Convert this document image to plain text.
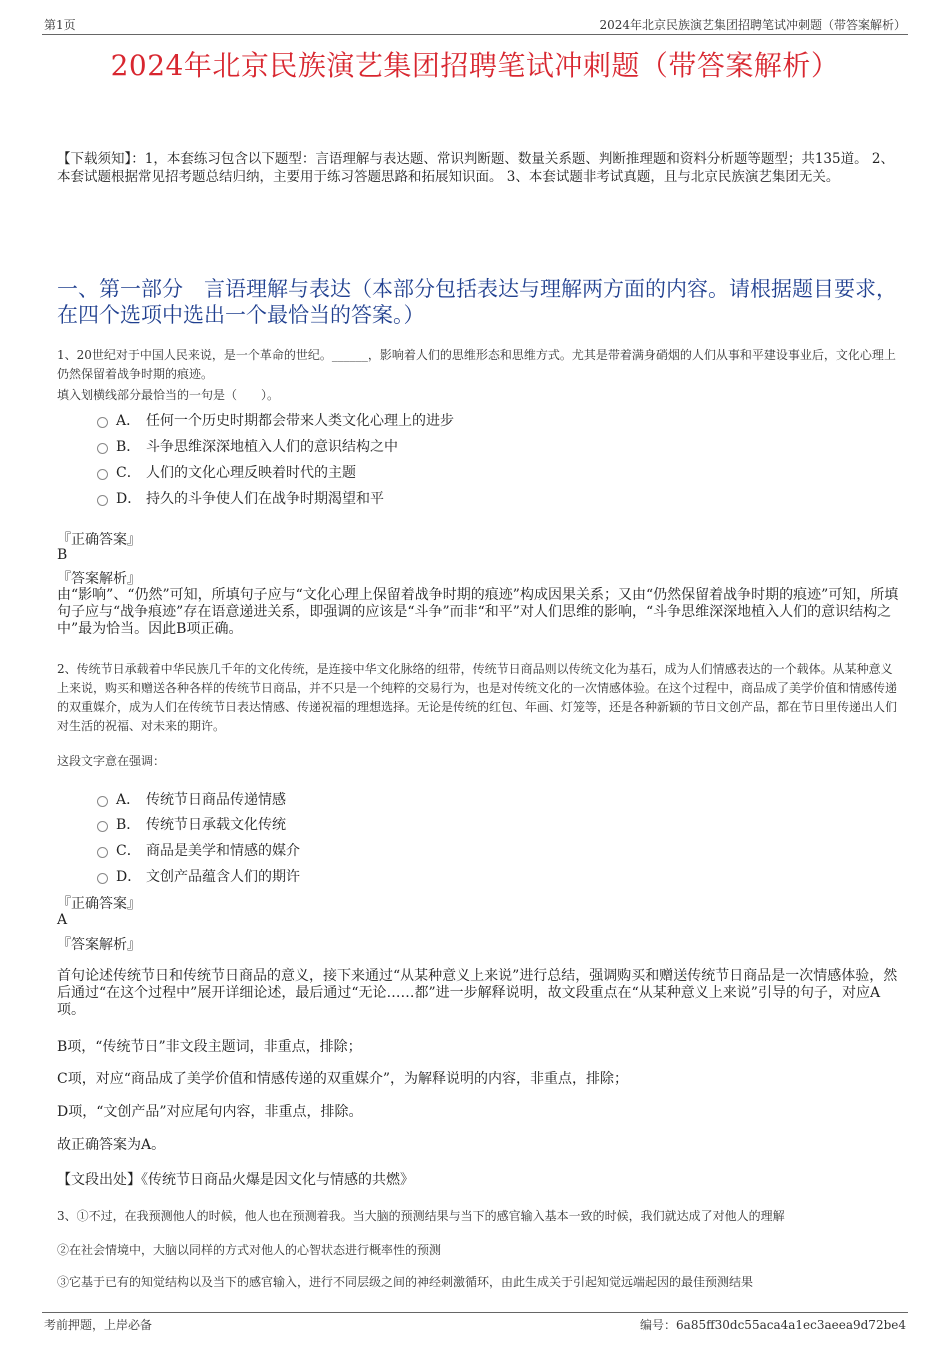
第1页	2024年北京民族演艺集团招聘笔试冲刺题（带答案解析）
2024年北京民族演艺集团招聘笔试冲刺题（带答案解析）
【下载须知】：1，本套练习包含以下题型：言语理解与表达题、常识判断题、数量关系题、判断推理题和资料分析题等题型；共135道。 2、本套试题根据常见招考题总结归纳，主要用于练习答题思路和拓展知识面。 3、本套试题非考试真题，且与北京民族演艺集团无关。
一、第一部分　言语理解与表达（本部分包括表达与理解两方面的内容。请根据题目要求，在四个选项中选出一个最恰当的答案。）
1、20世纪对于中国人民来说，是一个革命的世纪。______，影响着人们的思维形态和思维方式。尤其是带着满身硝烟的人们从事和平建设事业后，文化心理上仍然保留着战争时期的痕迹。
填入划横线部分最恰当的一句是（　　）。
A． 任何一个历史时期都会带来人类文化心理上的进步
B． 斗争思维深深地植入人们的意识结构之中
C． 人们的文化心理反映着时代的主题
D． 持久的斗争使人们在战争时期渴望和平
『正确答案』
B
『答案解析』
由“影响”、“仍然”可知，所填句子应与“文化心理上保留着战争时期的痕迹”构成因果关系；又由“仍然保留着战争时期的痕迹”可知，所填句子应与“战争痕迹”存在语意递进关系，即强调的应该是“斗争”而非“和平”对人们思维的影响，“斗争思维深深地植入人们的意识结构之中”最为恰当。因此B项正确。
2、传统节日承载着中华民族几千年的文化传统，是连接中华文化脉络的纽带，传统节日商品则以传统文化为基石，成为人们情感表达的一个载体。从某种意义上来说，购买和赠送各种各样的传统节日商品，并不只是一个纯粹的交易行为，也是对传统文化的一次情感体验。在这个过程中，商品成了美学价值和情感传递的双重媒介，成为人们在传统节日表达情感、传递祝福的理想选择。无论是传统的红包、年画、灯笼等，还是各种新颖的节日文创产品，都在节日里传递出人们对生活的祝福、对未来的期许。
这段文字意在强调：
A． 传统节日商品传递情感
B． 传统节日承载文化传统
C． 商品是美学和情感的媒介
D． 文创产品蕴含人们的期许
『正确答案』
A
『答案解析』
首句论述传统节日和传统节日商品的意义，接下来通过“从某种意义上来说”进行总结，强调购买和赠送传统节日商品是一次情感体验，然后通过“在这个过程中”展开详细论述，最后通过“无论……都”进一步解释说明，故文段重点在“从某种意义上来说”引导的句子，对应A项。
B项，“传统节日”非文段主题词，非重点，排除；
C项，对应“商品成了美学价值和情感传递的双重媒介”，为解释说明的内容，非重点，排除；
D项，“文创产品”对应尾句内容，非重点，排除。
故正确答案为A。
【文段出处】《传统节日商品火爆是因文化与情感的共燃》
3、①不过，在我预测他人的时候，他人也在预测着我。当大脑的预测结果与当下的感官输入基本一致的时候，我们就达成了对他人的理解
②在社会情境中，大脑以同样的方式对他人的心智状态进行概率性的预测
③它基于已有的知觉结构以及当下的感官输入，进行不同层级之间的神经刺激循环，由此生成关于引起知觉远端起因的最佳预测结果
考前押题，上岸必备	编号：6a85ff30dc55aca4a1ec3aeea9d72be4
